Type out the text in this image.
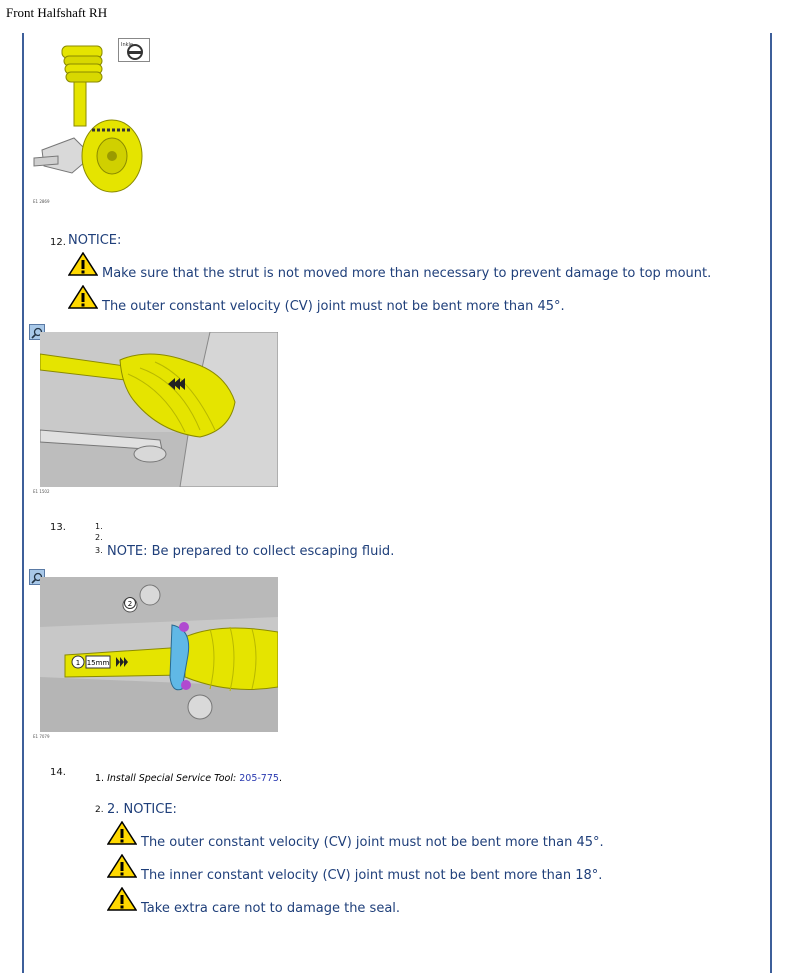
Front Halfshaft RH
E1 2869
Inkle
12. NOTICE:
Make sure that the strut is not moved more than necessary to prevent damage to top mount.
The outer constant velocity (CV) joint must not be bent more than 45°.
E1 1502
13.	1.
2.
3. NOTE: Be prepared to collect escaping fluid.
1 15mm
2
E1 7079
14.
1. Install Special Service Tool: 205-775.
2. 2. NOTICE:
The outer constant velocity (CV) joint must not be bent more than 45°.
The inner constant velocity (CV) joint must not be bent more than 18°.
Take extra care not to damage the seal.
